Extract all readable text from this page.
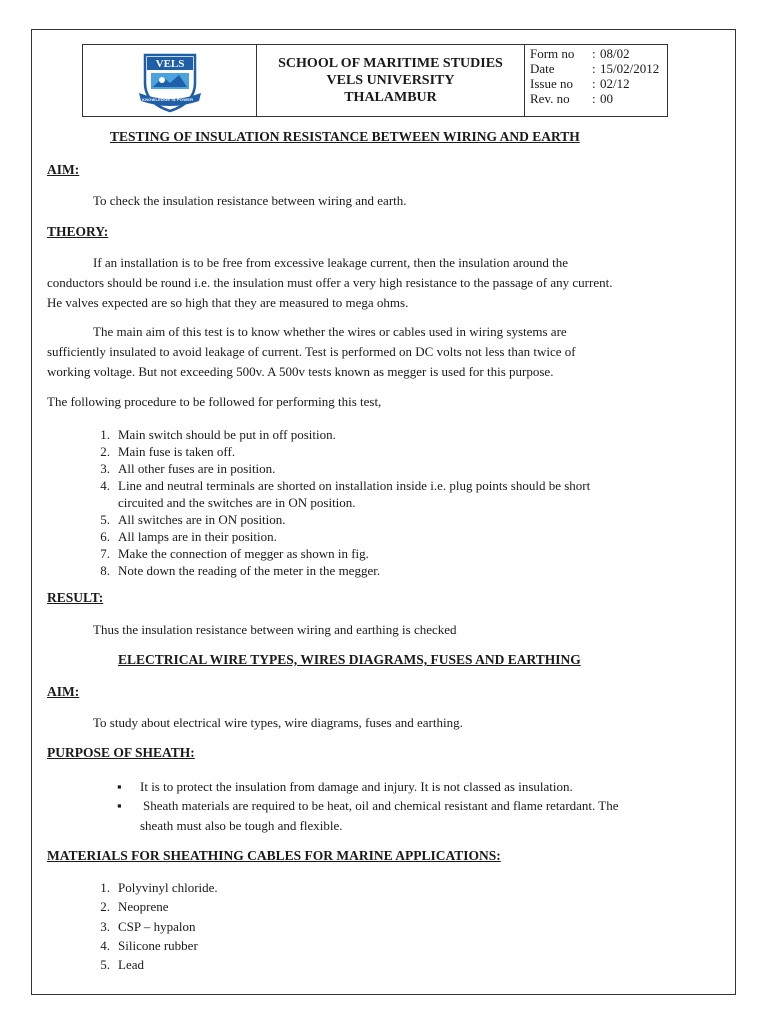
VELS
KNOWLEDGE IS POWER
SCHOOL OF MARITIME STUDIES
VELS UNIVERSITY
THALAMBUR
Form no	: 08/02
Date	: 15/02/2012
Issue no	: 02/12
Rev. no	: 00
TESTING OF INSULATION RESISTANCE BETWEEN WIRING AND EARTH
AIM:
To check the insulation resistance between wiring and earth.
THEORY:
If an installation is to be free from excessive leakage current, then the insulation around the
conductors should be round i.e. the insulation must offer a very high resistance to the passage of any current.
He valves expected are so high that they are measured to mega ohms.
The main aim of this test is to know whether the wires or cables used in wiring systems are
sufficiently insulated to avoid leakage of current. Test is performed on DC volts not less than twice of
working voltage. But not exceeding 500v. A 500v tests known as megger is used for this purpose.
The following procedure to be followed for performing this test,
1. Main switch should be put in off position.
2. Main fuse is taken off.
3. All other fuses are in position.
4. Line and neutral terminals are shorted on installation inside i.e. plug points should be short
circuited and the switches are in ON position.
5. All switches are in ON position.
6. All lamps are in their position.
7. Make the connection of megger as shown in fig.
8. Note down the reading of the meter in the megger.
RESULT:
Thus the insulation resistance between wiring and earthing is checked
ELECTRICAL WIRE TYPES, WIRES DIAGRAMS, FUSES AND EARTHING
AIM:
To study about electrical wire types, wire diagrams, fuses and earthing.
PURPOSE OF SHEATH:
▪ It is to protect the insulation from damage and injury. It is not classed as insulation.
▪ Sheath materials are required to be heat, oil and chemical resistant and flame retardant. The
sheath must also be tough and flexible.
MATERIALS FOR SHEATHING CABLES FOR MARINE APPLICATIONS:
1. Polyvinyl chloride.
2. Neoprene
3. CSP – hypalon
4. Silicone rubber
5. Lead
